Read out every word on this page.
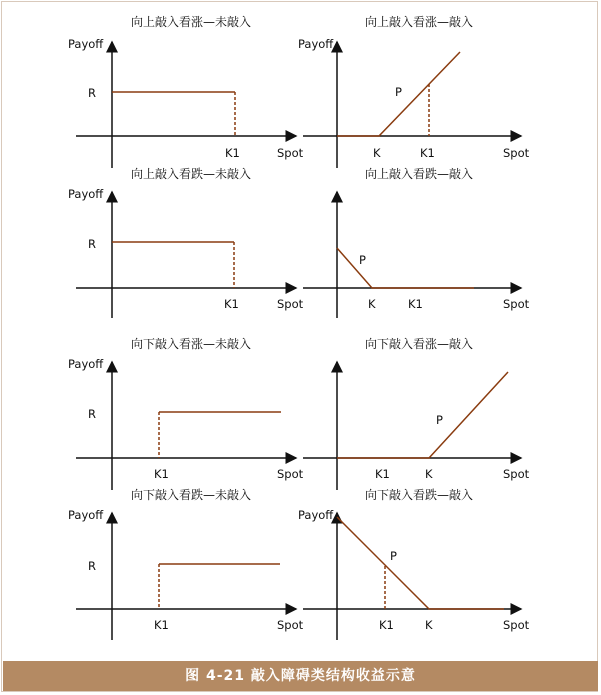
向上敲入看涨—未敲入
Payoff
R
K1	Spot
向上敲入看涨—敲入
Payoff
P
K	K1	Spot
向上敲入看跌—未敲入
Payoff
R
K1	Spot
向上敲入看跌—敲入
P
K	K1	Spot
向下敲入看涨—未敲入
Payoff
R
K1	Spot
向下敲入看涨—敲入
P
K1	K	Spot
向下敲入看跌—未敲入
Payoff
R
K1	Spot
向下敲入看跌—敲入
Payoff
P
K1	K	Spot
图 4-21 敲入障碍类结构收益示意
